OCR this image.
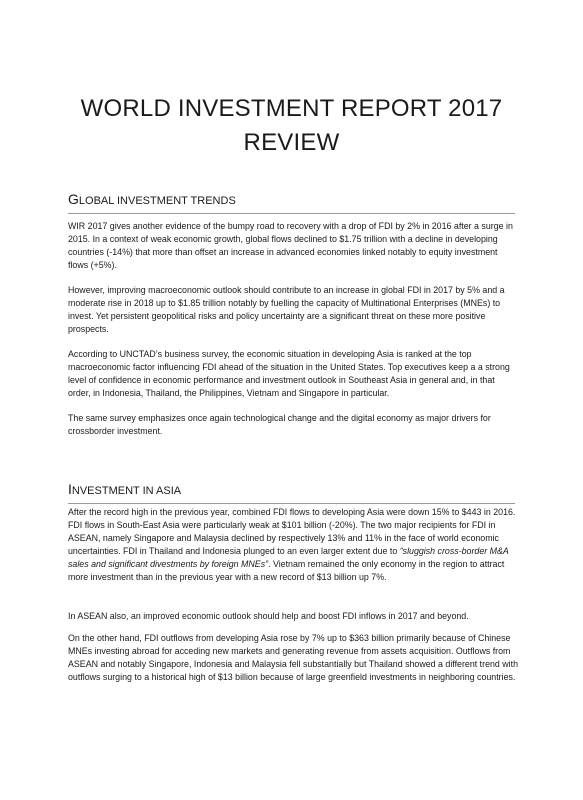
WORLD INVESTMENT REPORT 2017
REVIEW
GLOBAL INVESTMENT TRENDS

WIR 2017 gives another evidence of the bumpy road to recovery with a drop of FDI by 2% in 2016 after a surge in 2015. In a context of weak economic growth, global flows declined to $1.75 trillion with a decline in developing countries (-14%) that more than offset an increase in advanced economies linked notably to equity investment flows (+5%).

However, improving macroeconomic outlook should contribute to an increase in global FDI in 2017 by 5% and a moderate rise in 2018 up to $1.85 trillion notably by fuelling the capacity of Multinational Enterprises (MNEs) to invest. Yet persistent geopolitical risks and policy uncertainty are a significant threat on these more positive prospects.

According to UNCTAD’s business survey, the economic situation in developing Asia is ranked at the top macroeconomic factor influencing FDI ahead of the situation in the United States. Top executives keep a a strong level of confidence in economic performance and investment outlook in Southeast Asia in general and, in that order, in Indonesia, Thailand, the Philippines, Vietnam and Singapore in particular.

The same survey emphasizes once again technological change and the digital economy as major drivers for crossborder investment.

INVESTMENT IN ASIA

After the record high in the previous year, combined FDI flows to developing Asia were down 15% to $443 in 2016. FDI flows in South-East Asia were particularly weak at $101 billion (-20%). The two major recipients for FDI in ASEAN, namely Singapore and Malaysia declined by respectively 13% and 11% in the face of world economic uncertainties. FDI in Thailand and Indonesia plunged to an even larger extent due to “sluggish cross-border M&A sales and significant divestments by foreign MNEs”. Vietnam remained the only economy in the region to attract more investment than in the previous year with a new record of $13 billion up 7%.

In ASEAN also, an improved economic outlook should help and boost FDI inflows in 2017 and beyond.

On the other hand, FDI outflows from developing Asia rose by 7% up to $363 billion primarily because of Chinese MNEs investing abroad for acceding new markets and generating revenue from assets acquisition. Outflows from ASEAN and notably Singapore, Indonesia and Malaysia fell substantially but Thailand showed a different trend with outflows surging to a historical high of $13 billion because of large greenfield investments in neighboring countries.
